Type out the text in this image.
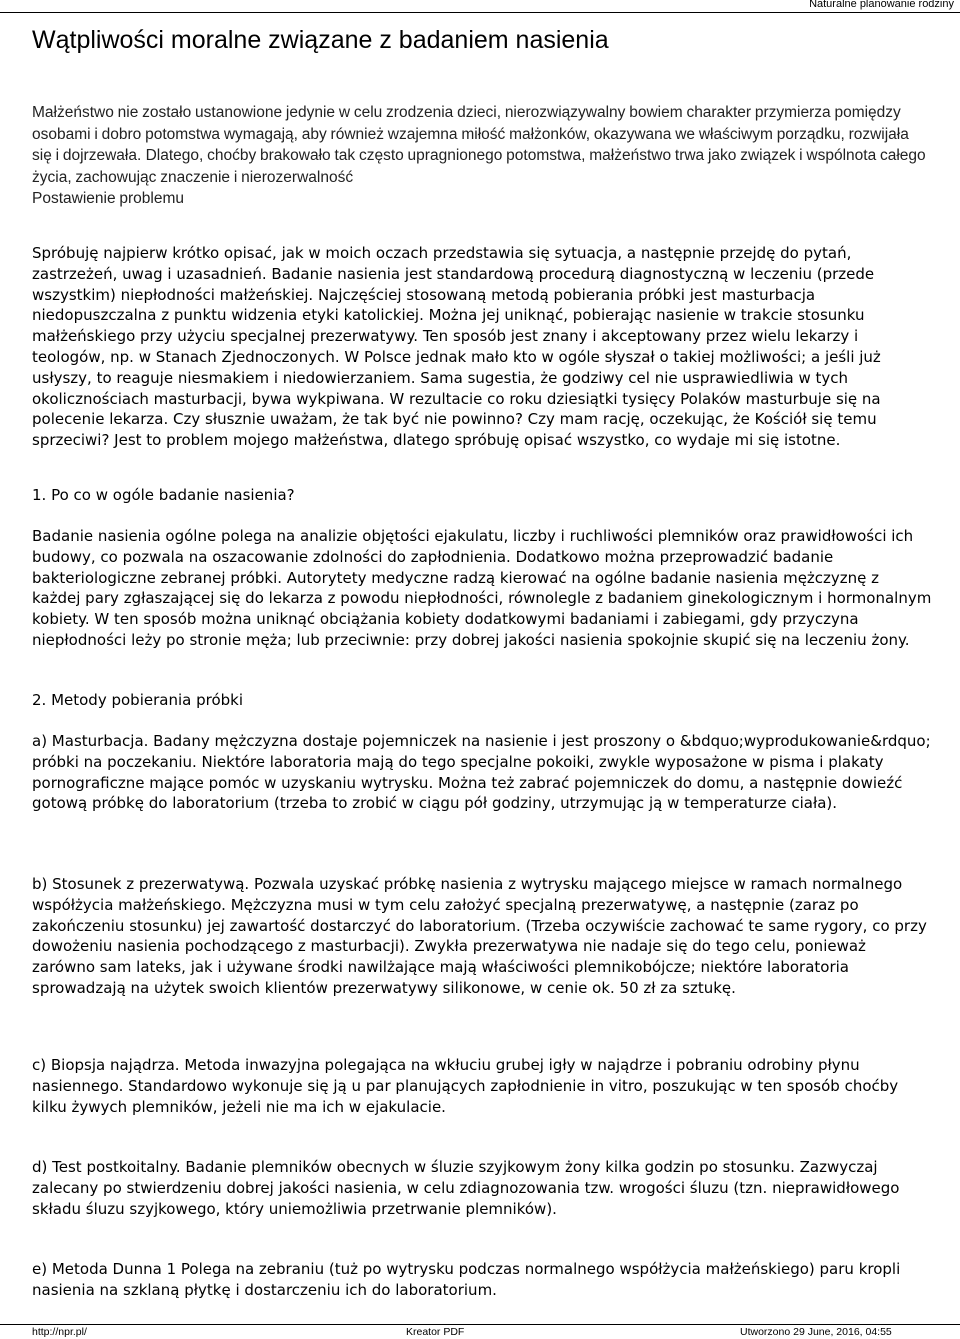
Naturalne planowanie rodziny
Wątpliwości moralne związane z badaniem nasienia
Małżeństwo nie zostało ustanowione jedynie w celu zrodzenia dzieci, nierozwiązywalny bowiem charakter przymierza pomiędzy osobami i dobro potomstwa wymagają, aby również wzajemna miłość małżonków, okazywana we właściwym porządku, rozwijała się i dojrzewała. Dlatego, choćby brakowało tak często upragnionego potomstwa, małżeństwo trwa jako związek i wspólnota całego życia, zachowując znaczenie i nierozerwalność
Postawienie problemu
Spróbuję najpierw krótko opisać, jak w moich oczach przedstawia się sytuacja, a następnie przejdę do pytań, zastrzeżeń, uwag i uzasadnień. Badanie nasienia jest standardową procedurą diagnostyczną w leczeniu (przede wszystkim) niepłodności małżeńskiej. Najczęściej stosowaną metodą pobierania próbki jest masturbacja niedopuszczalna z punktu widzenia etyki katolickiej. Można jej uniknąć, pobierając nasienie w trakcie stosunku małżeńskiego przy użyciu specjalnej prezerwatywy. Ten sposób jest znany i akceptowany przez wielu lekarzy i teologów, np. w Stanach Zjednoczonych. W Polsce jednak mało kto w ogóle słyszał o takiej możliwości; a jeśli już usłyszy, to reaguje niesmakiem i niedowierzaniem. Sama sugestia, że godziwy cel nie usprawiedliwia w tych okolicznościach masturbacji, bywa wykpiwana. W rezultacie co roku dziesiątki tysięcy Polaków masturbuje się na polecenie lekarza. Czy słusznie uważam, że tak być nie powinno? Czy mam rację, oczekując, że Kościół się temu sprzeciwi? Jest to problem mojego małżeństwa, dlatego spróbuję opisać wszystko, co wydaje mi się istotne.
1. Po co w ogóle badanie nasienia?
Badanie nasienia ogólne polega na analizie objętości ejakulatu, liczby i ruchliwości plemników oraz prawidłowości ich budowy, co pozwala na oszacowanie zdolności do zapłodnienia. Dodatkowo można przeprowadzić badanie bakteriologiczne zebranej próbki. Autorytety medyczne radzą kierować na ogólne badanie nasienia mężczyznę z każdej pary zgłaszającej się do lekarza z powodu niepłodności, równolegle z badaniem ginekologicznym i hormonalnym kobiety. W ten sposób można uniknąć obciążania kobiety dodatkowymi badaniami i zabiegami, gdy przyczyna niepłodności leży po stronie męża; lub przeciwnie: przy dobrej jakości nasienia spokojnie skupić się na leczeniu żony.
2. Metody pobierania próbki
a) Masturbacja. Badany mężczyzna dostaje pojemniczek na nasienie i jest proszony o &bdquo;wyprodukowanie&rdquo; próbki na poczekaniu. Niektóre laboratoria mają do tego specjalne pokoiki, zwykle wyposażone w pisma i plakaty pornograficzne mające pomóc w uzyskaniu wytrysku. Można też zabrać pojemniczek do domu, a następnie dowieźć gotową próbkę do laboratorium (trzeba to zrobić w ciągu pół godziny, utrzymując ją w temperaturze ciała).
b) Stosunek z prezerwatywą. Pozwala uzyskać próbkę nasienia z wytrysku mającego miejsce w ramach normalnego współżycia małżeńskiego. Mężczyzna musi w tym celu założyć specjalną prezerwatywę, a następnie (zaraz po zakończeniu stosunku) jej zawartość dostarczyć do laboratorium. (Trzeba oczywiście zachować te same rygory, co przy dowożeniu nasienia pochodzącego z masturbacji). Zwykła prezerwatywa nie nadaje się do tego celu, ponieważ zarówno sam lateks, jak i używane środki nawilżające mają właściwości plemnikobójcze; niektóre laboratoria sprowadzają na użytek swoich klientów prezerwatywy silikonowe, w cenie ok. 50 zł za sztukę.
c) Biopsja najądrza. Metoda inwazyjna polegająca na wkłuciu grubej igły w najądrze i pobraniu odrobiny płynu nasiennego. Standardowo wykonuje się ją u par planujących zapłodnienie in vitro, poszukując w ten sposób choćby kilku żywych plemników, jeżeli nie ma ich w ejakulacie.
d) Test postkoitalny. Badanie plemników obecnych w śluzie szyjkowym żony kilka godzin po stosunku. Zazwyczaj zalecany po stwierdzeniu dobrej jakości nasienia, w celu zdiagnozowania tzw. wrogości śluzu (tzn. nieprawidłowego składu śluzu szyjkowego, który uniemożliwia przetrwanie plemników).
e) Metoda Dunna 1 Polega na zebraniu (tuż po wytrysku podczas normalnego współżycia małżeńskiego) paru kropli nasienia na szklaną płytkę i dostarczeniu ich do laboratorium.
http://npr.pl/	Kreator PDF	Utworzono 29 June, 2016, 04:55
